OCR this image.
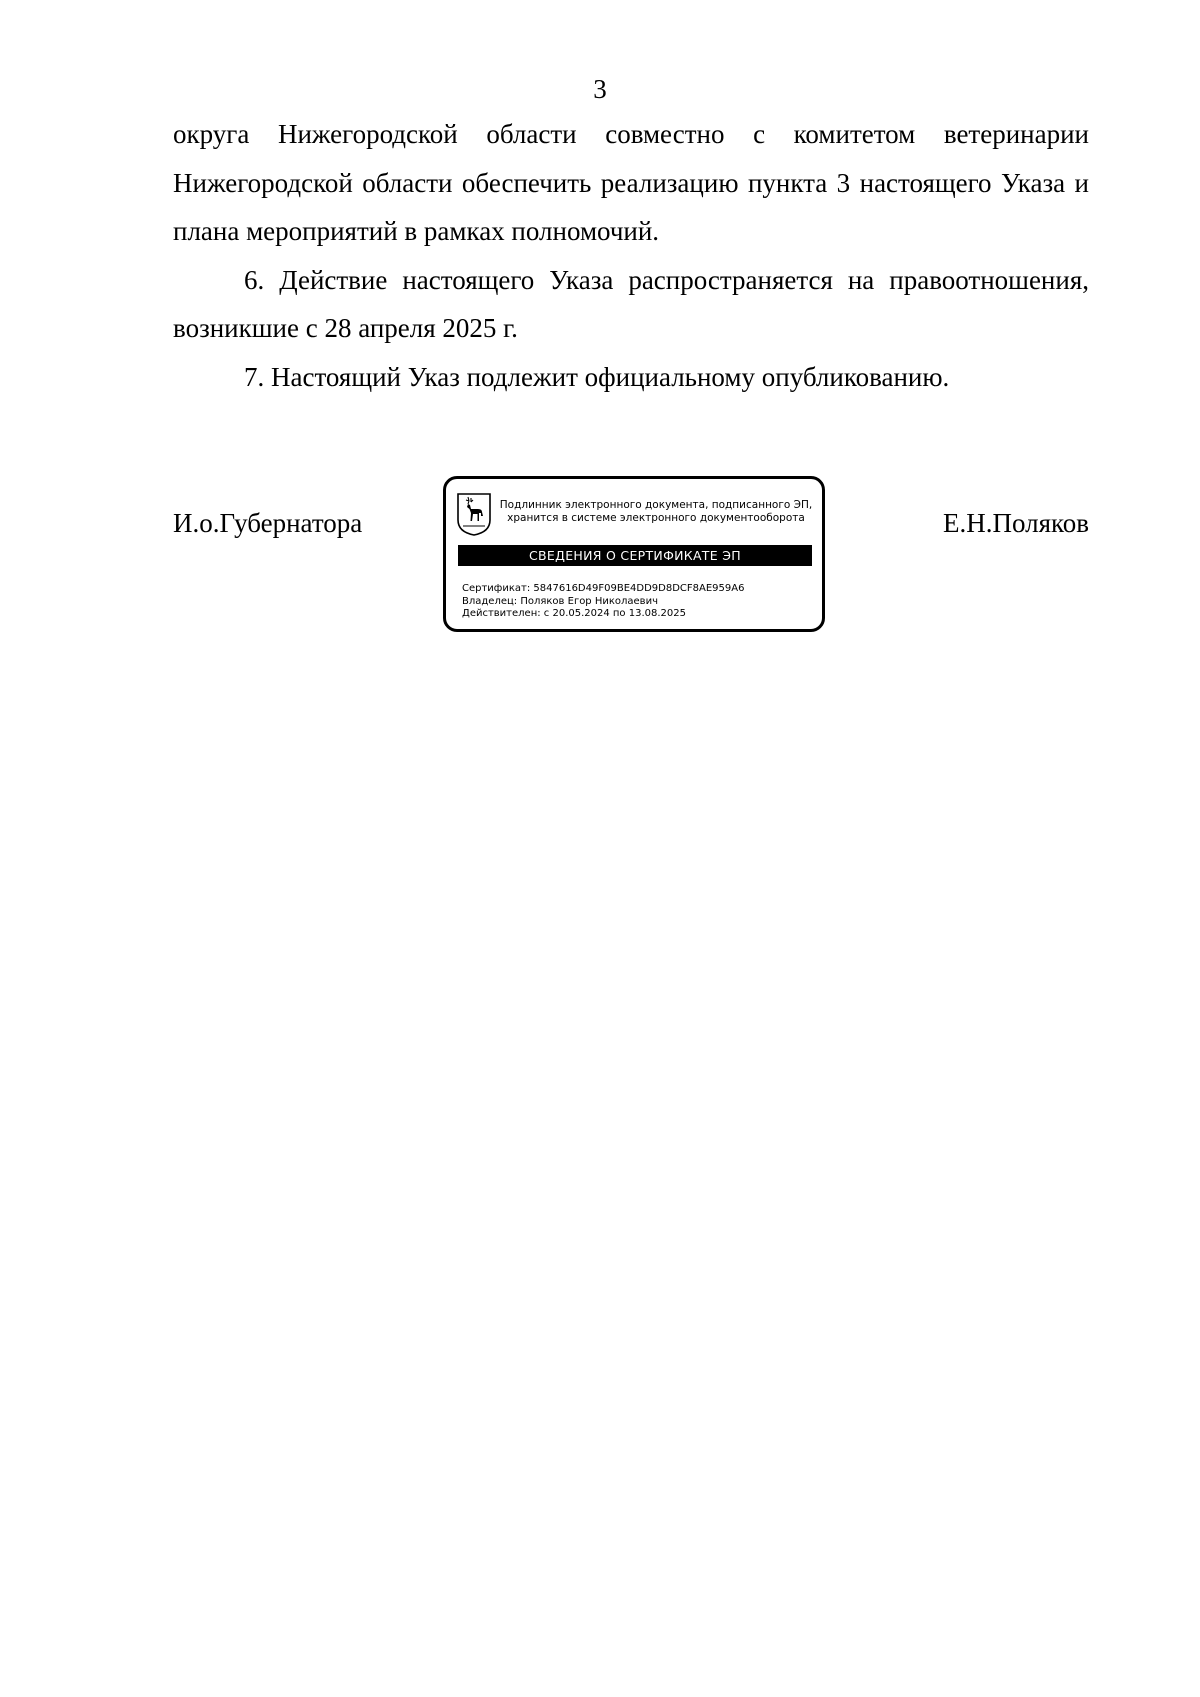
3

округа Нижегородской области совместно с комитетом ветеринарии Нижегородской области обеспечить реализацию пункта 3 настоящего Указа и плана мероприятий в рамках полномочий.

6. Действие настоящего Указа распространяется на правоотношения, возникшие с 28 апреля 2025 г.

7. Настоящий Указ подлежит официальному опубликованию.

И.о.Губернатора
Подлинник электронного документа, подписанного ЭП,
хранится в системе электронного документооборота
СВЕДЕНИЯ О СЕРТИФИКАТЕ ЭП
Сертификат: 5847616D49F09BE4DD9D8DCF8AE959A6
Владелец: Поляков Егор Николаевич
Действителен: с 20.05.2024 по 13.08.2025
Е.Н.Поляков
